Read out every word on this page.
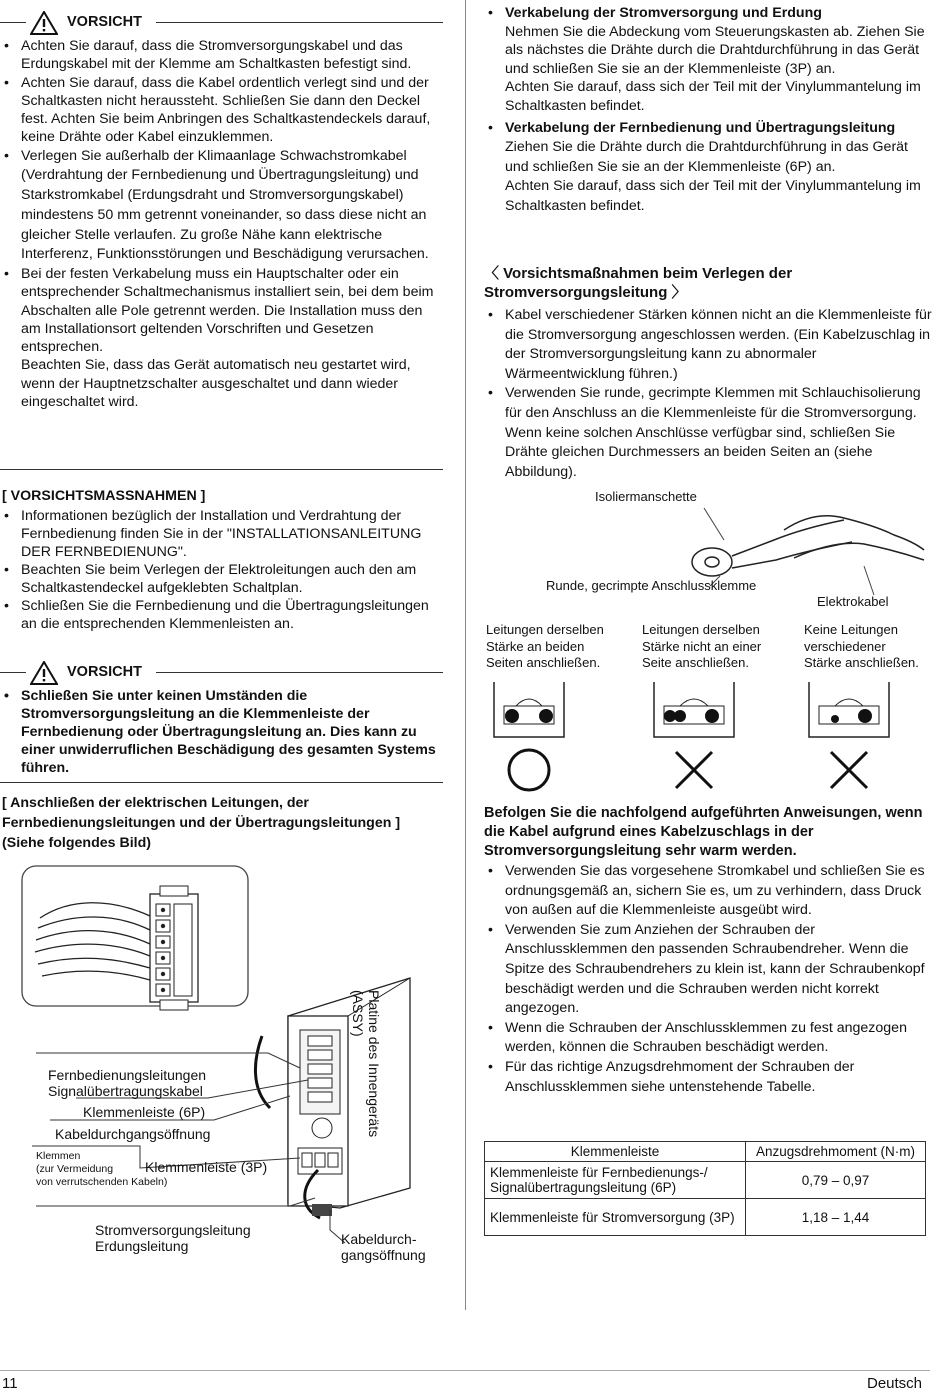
VORSICHT
• Achten Sie darauf, dass die Stromversorgungskabel und das Erdungskabel mit der Klemme am Schaltkasten befestigt sind.
• Achten Sie darauf, dass die Kabel ordentlich verlegt sind und der Schaltkasten nicht heraussteht. Schließen Sie dann den Deckel fest. Achten Sie beim Anbringen des Schaltkastendeckels darauf, keine Drähte oder Kabel einzuklemmen.
• Verlegen Sie außerhalb der Klimaanlage Schwachstromkabel (Verdrahtung der Fernbedienung und Übertragungsleitung) und Starkstromkabel (Erdungsdraht und Stromversorgungskabel) mindestens 50 mm getrennt voneinander, so dass diese nicht an gleicher Stelle verlaufen. Zu große Nähe kann elektrische Interferenz, Funktionsstörungen und Beschädigung verursachen.
• Bei der festen Verkabelung muss ein Hauptschalter oder ein entsprechender Schaltmechanismus installiert sein, bei dem beim Abschalten alle Pole getrennt werden. Die Installation muss den am Installationsort geltenden Vorschriften und Gesetzen entsprechen.
Beachten Sie, dass das Gerät automatisch neu gestartet wird, wenn der Hauptnetzschalter ausgeschaltet und dann wieder eingeschaltet wird.
[ VORSICHTSMASSNAHMEN ]
• Informationen bezüglich der Installation und Verdrahtung der Fernbedienung finden Sie in der "INSTALLATIONSANLEITUNG DER FERNBEDIENUNG".
• Beachten Sie beim Verlegen der Elektroleitungen auch den am Schaltkastendeckel aufgeklebten Schaltplan.
• Schließen Sie die Fernbedienung und die Übertragungsleitungen an die entsprechenden Klemmenleisten an.
VORSICHT
• Schließen Sie unter keinen Umständen die Stromversorgungsleitung an die Klemmenleiste der Fernbedienung oder Übertragungsleitung an. Dies kann zu einer unwiderruflichen Beschädigung des gesamten Systems führen.
[ Anschließen der elektrischen Leitungen, der Fernbedienungsleitungen und der Übertragungsleitungen ] (Siehe folgendes Bild)
Platine des Innengeräts (ASSY)
Fernbedienungsleitungen
Signalübertragungskabel
Klemmenleiste (6P)
Kabeldurchgangsöffnung
Klemmen
(zur Vermeidung
von verrutschenden Kabeln)
Klemmenleiste (3P)
Stromversorgungsleitung
Erdungsleitung	Kabeldurch-
gangsöffnung
• Verkabelung der Stromversorgung und Erdung
Nehmen Sie die Abdeckung vom Steuerungskasten ab. Ziehen Sie als nächstes die Drähte durch die Drahtdurchführung in das Gerät und schließen Sie sie an der Klemmenleiste (3P) an.
Achten Sie darauf, dass sich der Teil mit der Vinylummantelung im Schaltkasten befindet.
• Verkabelung der Fernbedienung und Übertragungsleitung
Ziehen Sie die Drähte durch die Drahtdurchführung in das Gerät und schließen Sie sie an der Klemmenleiste (6P) an.
Achten Sie darauf, dass sich der Teil mit der Vinylummantelung im Schaltkasten befindet.
〈 Vorsichtsmaßnahmen beim Verlegen der Stromversorgungsleitung 〉
• Kabel verschiedener Stärken können nicht an die Klemmenleiste für die Stromversorgung angeschlossen werden. (Ein Kabelzuschlag in der Stromversorgungsleitung kann zu abnormaler Wärmeentwicklung führen.)
• Verwenden Sie runde, gecrimpte Klemmen mit Schlauchisolierung für den Anschluss an die Klemmenleiste für die Stromversorgung. Wenn keine solchen Anschlüsse verfügbar sind, schließen Sie Drähte gleichen Durchmessers an beiden Seiten an (siehe Abbildung).
Isoliermanschette
Runde, gecrimpte Anschlussklemme
Elektrokabel
Leitungen derselben
Stärke an beiden
Seiten anschließen.
Leitungen derselben
Stärke nicht an einer
Seite anschließen.
Keine Leitungen
verschiedener
Stärke anschließen.
Befolgen Sie die nachfolgend aufgeführten Anweisungen, wenn die Kabel aufgrund eines Kabelzuschlags in der Stromversorgungsleitung sehr warm werden.
• Verwenden Sie das vorgesehene Stromkabel und schließen Sie es ordnungsgemäß an, sichern Sie es, um zu verhindern, dass Druck von außen auf die Klemmenleiste ausgeübt wird.
• Verwenden Sie zum Anziehen der Schrauben der Anschlussklemmen den passenden Schraubendreher. Wenn die Spitze des Schraubendrehers zu klein ist, kann der Schraubenkopf beschädigt werden und die Schrauben werden nicht korrekt angezogen.
• Wenn die Schrauben der Anschlussklemmen zu fest angezogen werden, können die Schrauben beschädigt werden.
• Für das richtige Anzugsdrehmoment der Schrauben der Anschlussklemmen siehe untenstehende Tabelle.
Klemmenleiste	Anzugsdrehmoment (N·m)
Klemmenleiste für Fernbedienungs-/ Signalübertragungsleitung (6P)	0,79 – 0,97
Klemmenleiste für Stromversorgung (3P)	1,18 – 1,44
11	Deutsch
